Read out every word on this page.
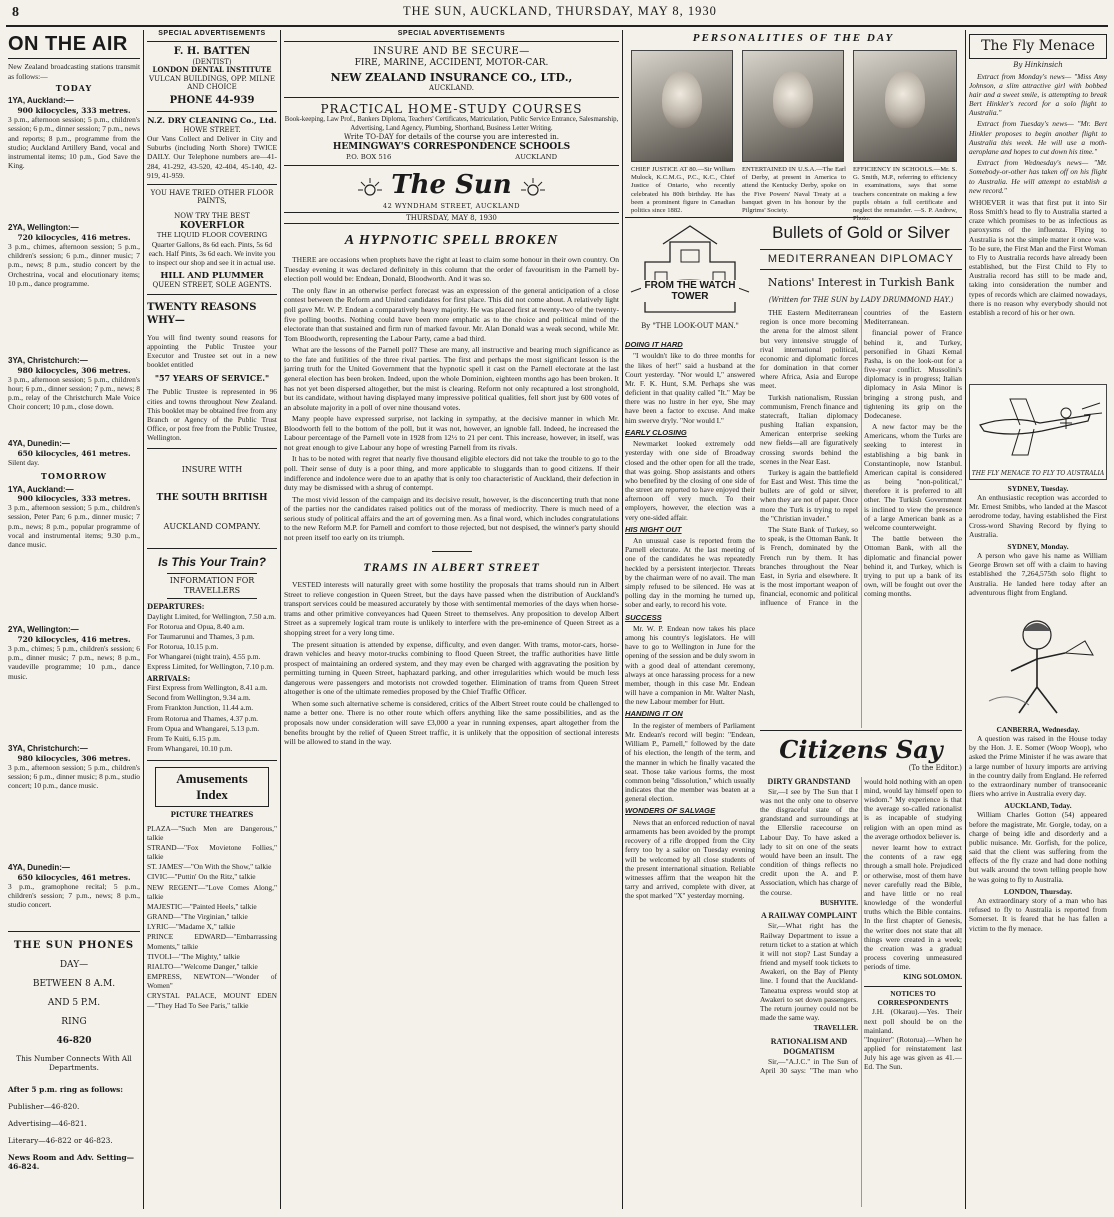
8	THE SUN, AUCKLAND, THURSDAY, MAY 8, 1930
ON THE AIR
New Zealand broadcasting stations transmit as follows:—
TODAY
1YA, Auckland:—
900 kilocycles, 333 metres.
3 p.m., afternoon session; 5 p.m., children's session; 6 p.m., dinner session; 7 p.m., news and reports; 8 p.m., programme from the studio; Auckland Artillery Band, vocal and instrumental items; 10 p.m., God Save the King.
2YA, Wellington:—
720 kilocycles, 416 metres.
3 p.m., chimes, afternoon session; 5 p.m., children's session; 6 p.m., dinner music; 7 p.m., news; 8 p.m., studio concert by the Orchestrina, vocal and elocutionary items; 10 p.m., dance programme.
3YA, Christchurch:—
980 kilocycles, 306 metres.
3 p.m., afternoon session; 5 p.m., children's hour; 6 p.m., dinner session; 7 p.m., news; 8 p.m., relay of the Christchurch Male Voice Choir concert; 10 p.m., close down.
4YA, Dunedin:—
650 kilocycles, 461 metres.
Silent day.
TOMORROW
1YA, Auckland:—
900 kilocycles, 333 metres.
3 p.m., afternoon session; 5 p.m., children's session, Peter Pan; 6 p.m., dinner music; 7 p.m., news; 8 p.m., popular programme of vocal and instrumental items; 9.30 p.m., dance music.
2YA, Wellington:—
720 kilocycles, 416 metres.
3 p.m., chimes; 5 p.m., children's session; 6 p.m., dinner music; 7 p.m., news; 8 p.m., vaudeville programme; 10 p.m., dance music.
3YA, Christchurch:—
980 kilocycles, 306 metres.
3 p.m., afternoon session; 5 p.m., children's session; 6 p.m., dinner music; 8 p.m., studio concert; 10 p.m., dance music.
4YA, Dunedin:—
650 kilocycles, 461 metres.
3 p.m., gramophone recital; 5 p.m., children's session; 7 p.m., news; 8 p.m., studio concert.
THE SUN PHONES
DAY—
BETWEEN 8 A.M.
AND 5 P.M.
RING
46-820
This Number Connects With All Departments.
After 5 p.m. ring as follows:
Publisher—46-820.
Advertising—46-821.
Literary—46-822 or 46-823.
News Room and Adv. Setting—46-824.
SPECIAL ADVERTISEMENTS
F. H. BATTEN
(DENTIST)
LONDON DENTAL INSTITUTE
VULCAN BUILDINGS, OPP. MILNE AND CHOICE
PHONE 44-939
N.Z. DRY CLEANING Co., Ltd.
HOWE STREET.
Our Vans Collect and Deliver in City and Suburbs (including North Shore) TWICE DAILY. Our Telephone numbers are—41-284, 41-292, 43-520, 42-404, 45-140, 42-919, 41-959.
YOU HAVE TRIED OTHER FLOOR PAINTS,
NOW TRY THE BEST
KOVERFLOR
THE LIQUID FLOOR COVERING
Quarter Gallons, 8s 6d each. Pints, 5s 6d each. Half Pints, 3s 6d each. We invite you to inspect our shop and see it in actual use.
HILL AND PLUMMER
QUEEN STREET, SOLE AGENTS.
TWENTY REASONS WHY—
You will find twenty sound reasons for appointing the Public Trustee your Executor and Trustee set out in a new booklet entitled
"57 YEARS OF SERVICE."
The Public Trustee is represented in 96 cities and towns throughout New Zealand. This booklet may be obtained free from any Branch or Agency of the Public Trust Office, or post free from the Public Trustee, Wellington.
INSURE WITH
THE SOUTH BRITISH
AUCKLAND COMPANY.
Is This Your Train?
INFORMATION FOR TRAVELLERS
DEPARTURES:
Daylight Limited, for Wellington, 7.50 a.m.
For Rotorua and Opua, 8.40 a.m.
For Taumarunui and Thames, 3 p.m.
For Rotorua, 10.15 p.m.
For Whangarei (night train), 4.55 p.m.
Express Limited, for Wellington, 7.10 p.m.
ARRIVALS:
First Express from Wellington, 8.41 a.m.
Second from Wellington, 9.34 a.m.
From Frankton Junction, 11.44 a.m.
From Rotorua and Thames, 4.37 p.m.
From Opua and Whangarei, 5.13 p.m.
From Te Kuiti, 6.15 p.m.
From Whangarei, 10.10 p.m.
Amusements Index
PICTURE THEATRES
PLAZA—"Such Men are Dangerous," talkie
STRAND—"Fox Movietone Follies," talkie
ST. JAMES'—"On With the Show," talkie
CIVIC—"Puttin' On the Ritz," talkie
NEW REGENT—"Love Comes Along," talkie
MAJESTIC—"Painted Heels," talkie
GRAND—"The Virginian," talkie
LYRIC—"Madame X," talkie
PRINCE EDWARD—"Embarrassing Moments," talkie
TIVOLI—"The Mighty," talkie
RIALTO—"Welcome Danger," talkie
EMPRESS, NEWTON—"Wonder of Women"
CRYSTAL PALACE, MOUNT EDEN—"They Had To See Paris," talkie
SPECIAL ADVERTISEMENTS
INSURE AND BE SECURE—
FIRE, MARINE, ACCIDENT, MOTOR-CAR.
NEW ZEALAND INSURANCE CO., LTD.,
AUCKLAND.
PRACTICAL HOME-STUDY COURSES
Book-keeping, Law Prof., Bankers Diploma, Teachers' Certificates, Matriculation, Public Service Entrance, Salesmanship, Advertising, Land Agency, Plumbing, Shorthand, Business Letter Writing.
Write TO-DAY for details of the course you are interested in.
HEMINGWAY'S CORRESPONDENCE SCHOOLS
P.O. BOX 516	AUCKLAND
The Sun
42 WYNDHAM STREET, AUCKLAND
THURSDAY, MAY 8, 1930
A HYPNOTIC SPELL BROKEN

THERE are occasions when prophets have the right at least to claim some honour in their own country. On Tuesday evening it was declared definitely in this column that the order of favouritism in the Parnell by-election poll would be: Endean, Donald, Bloodworth. And it was so.

The only flaw in an otherwise perfect forecast was an expression of the general anticipation of a close contest between the Reform and United candidates for first place. This did not come about. A relatively light poll gave Mr. W. P. Endean a comparatively heavy majority. He was placed first at twenty-two of the twenty-five polling booths. Nothing could have been more emphatic as to the choice and political mind of the electorate than that sustained and firm run of marked favour. Mr. Alan Donald was a weak second, while Mr. Tom Bloodworth, representing the Labour Party, came a bad third.

What are the lessons of the Parnell poll? These are many, all instructive and bearing much significance as to the fate and futilities of the three rival parties. The first and perhaps the most significant lesson is the jarring truth for the United Government that the hypnotic spell it cast on the Parnell electorate at the last general election has been broken. Indeed, upon the whole Dominion, eighteen months ago has been broken. It has not yet been dispersed altogether, but the mist is clearing. Reform not only recaptured a lost stronghold, but its candidate, without having displayed many impressive political qualities, fell short just by 600 votes of an absolute majority in a poll of over nine thousand votes.

Many people have expressed surprise, not lacking in sympathy, at the decisive manner in which Mr. Bloodworth fell to the bottom of the poll, but it was not, however, an ignoble fall. Indeed, he increased the Labour percentage of the Parnell vote in 1928 from 12½ to 21 per cent. This increase, however, in itself, was not great enough to give Labour any hope of wresting Parnell from its rivals.

It has to be noted with regret that nearly five thousand eligible electors did not take the trouble to go to the poll. Their sense of duty is a poor thing, and more applicable to sluggards than to good citizens. If their indifference and indolence were due to an apathy that is only too characteristic of Auckland, their defection in duty may be dismissed with a shrug of contempt.

The most vivid lesson of the campaign and its decisive result, however, is the disconcerting truth that none of the parties nor the candidates raised politics out of the morass of mediocrity. There is much need of a serious study of political affairs and the art of governing men. As a final word, which includes congratulations to the new Reform M.P. for Parnell and comfort to those rejected, but not despised, the winner's party should not preen itself too early on its triumph.

TRAMS IN ALBERT STREET

VESTED interests will naturally greet with some hostility the proposals that trams should run in Albert Street to relieve congestion in Queen Street, but the days have passed when the distribution of Auckland's transport services could be measured accurately by those with sentimental memories of the days when horse-trams and other primitive conveyances had Queen Street to themselves. Any proposition to develop Albert Street as a supremely logical tram route is unlikely to interfere with the pre-eminence of Queen Street as a shopping street for a very long time.

The present situation is attended by expense, difficulty, and even danger. With trams, motor-cars, horse-drawn vehicles and heavy motor-trucks combining to flood Queen Street, the traffic authorities have little prospect of maintaining an ordered system, and they may even be charged with aggravating the position by permitting turning in Queen Street, haphazard parking, and other irregularities which would be much less dangerous were passengers and motorists not crowded together. Elimination of trams from Queen Street altogether is one of the ultimate remedies proposed by the Chief Traffic Officer.

When some such alternative scheme is considered, critics of the Albert Street route could be challenged to name a better one. There is no other route which offers anything like the same possibilities, and as the proposals now under consideration will save £3,000 a year in running expenses, apart altogether from the benefits brought by the relief of Queen Street traffic, it is unlikely that the opposition of sectional interests will be allowed to stand in the way.

PERSONALITIES OF THE DAY
CHIEF JUSTICE AT 80.—Sir William Mulock, K.C.M.G., P.C., K.C., Chief Justice of Ontario, who recently celebrated his 80th birthday. He has been a prominent figure in Canadian politics since 1882.
ENTERTAINED IN U.S.A.—The Earl of Derby, at present in America to attend the Kentucky Derby, spoke on the Five Powers' Naval Treaty at a banquet given in his honour by the Pilgrims' Society.
EFFICIENCY IN SCHOOLS.—Mr. S. G. Smith, M.P., referring to efficiency in examinations, says that some teachers concentrate on making a few pupils obtain a full certificate and neglect the remainder. —S. P. Andrew, Photo.
FROM THE WATCH TOWER
By "THE LOOK-OUT MAN."
DOING IT HARD

"I wouldn't like to do three months for the likes of her!" said a husband at the Court yesterday. "Nor would I," answered Mr. F. K. Hunt, S.M. Perhaps she was deficient in that quality called "It." May be there was no lustre in her eye, She may have been a factor to excuse. And make him swerve dryly. "Nor would I."

EARLY CLOSING

Newmarket looked extremely odd yesterday with one side of Broadway closed and the other open for all the trade, that was going. Shop assistants and others who benefited by the closing of one side of the street are reported to have enjoyed their afternoon off very much. To their employers, however, the election was a very one-sided affair.

HIS NIGHT OUT

An unusual case is reported from the Parnell electorate. At the last meeting of one of the candidates he was repeatedly heckled by a persistent interjector. Threats by the chairman were of no avail. The man simply refused to be silenced. He was at polling day in the morning he turned up, sober and early, to record his vote.

SUCCESS

Mr. W. P. Endean now takes his place among his country's legislators. He will have to go to Wellington in June for the opening of the session and be duly sworn in with a good deal of attendant ceremony, always at once harassing process for a new member, though in this case Mr. Endean will have a companion in Mr. Walter Nash, the new Labour member for Hutt.

HANDING IT ON

In the register of members of Parliament Mr. Endean's record will begin: "Endean, William P., Parnell," followed by the date of his election, the length of the term, and the manner in which he finally vacated the seat. Those take various forms, the most common being "dissolution," which usually indicates that the member was beaten at a general election.

WONDERS OF SALVAGE

News that an enforced reduction of naval armaments has been avoided by the prompt recovery of a rifle dropped from the City ferry too by a sailor on Tuesday evening will be welcomed by all close students of the present international situation. Reliable witnesses affirm that the weapon hit the tarry and arrived, complete with diver, at the spot marked "X" yesterday morning.

Bullets of Gold or Silver
MEDITERRANEAN DIPLOMACY
Nations' Interest in Turkish Bank
(Written for THE SUN by LADY DRUMMOND HAY.)

THE Eastern Mediterranean region is once more becoming the arena for the almost silent but very intensive struggle of rival international political, economic and diplomatic forces for domination in that corner where Africa, Asia and Europe meet.

Turkish nationalism, Russian communism, French finance and statecraft, Italian diplomacy pushing Italian expansion, American enterprise seeking new fields—all are figuratively crossing swords behind the scenes in the Near East.

Turkey is again the battlefield for East and West. This time the bullets are of gold or silver, when they are not of paper. Once more the Turk is trying to repel the "Christian invader."

The State Bank of Turkey, so to speak, is the Ottoman Bank. It is French, dominated by the French run by them. It has branches throughout the Near East, in Syria and elsewhere. It is the most important weapon of financial, economic and political influence of France in the countries of the Eastern Mediterranean.

financial power of France behind it, and Turkey, personified in Ghazi Kemal Pasha, is on the look-out for a five-year conflict. Mussolini's diplomacy is in progress; Italian diplomacy in Asia Minor is bringing a strong push, and tightening its grip on the Dodecanese.

A new factor may be the Americans, whom the Turks are seeking to interest in establishing a big bank in Constantinople, now Istanbul. American capital is considered as being "non-political," therefore it is preferred to all other. The Turkish Government is inclined to view the presence of a large American bank as a welcome counterweight.

The battle between the Ottoman Bank, with all the diplomatic and financial power behind it, and Turkey, which is trying to put up a bank of its own, will be fought out over the coming months.

Citizens Say
(To the Editor.)
DIRTY GRANDSTAND

Sir,—I see by The Sun that I was not the only one to observe the disgraceful state of the grandstand and surroundings at the Ellerslie racecourse on Labour Day. To have asked a lady to sit on one of the seats would have been an insult. The condition of things reflects no credit upon the A. and P. Association, which has charge of the course.

BUSHYITE.
A RAILWAY COMPLAINT

Sir,—What right has the Railway Department to issue a return ticket to a station at which it will not stop? Last Sunday a friend and myself took tickets to Awakeri, on the Bay of Plenty line. I found that the Auckland-Taneatua express would stop at Awakeri to set down passengers. The return journey could not be made the same way.

TRAVELLER.
RATIONALISM AND DOGMATISM

Sir,—"A.J.C." in The Sun of April 30 says: "The man who would hold nothing with an open mind, would lay himself open to wisdom." My experience is that the average so-called rationalist is as incapable of studying religion with an open mind as the average orthodox believer is.

never learnt how to extract the contents of a raw egg through a small hole. Prejudiced or otherwise, most of them have never carefully read the Bible, and have little or no real knowledge of the wonderful truths which the Bible contains. In the first chapter of Genesis, the writer does not state that all things were created in a week; the creation was a gradual process covering unmeasured periods of time.

KING SOLOMON.
NOTICES TO CORRESPONDENTS

J.H. (Okarau).—Yes. Their next poll should be on the mainland.
"Inquirer" (Rotorua).—When he applied for reinstatement last July his age was given as 41.—Ed. The Sun.

The Fly Menace
By Hinkinsich

Extract from Monday's news— "Miss Amy Johnson, a slim attractive girl with bobbed hair and a sweet smile, is attempting to break Bert Hinkler's record for a solo flight to Australia."

Extract from Tuesday's news— "Mr. Bert Hinkler proposes to begin another flight to Australia this week. He will use a moth-aeroplane and hopes to cut down his time."

Extract from Wednesday's news— "Mr. Somebody-or-other has taken off on his flight to Australia. He will attempt to establish a new record."

WHOEVER it was that first put it into Sir Ross Smith's head to fly to Australia started a craze which promises to be as infectious as paroxysms of the influenza. Flying to Australia is not the simple matter it once was. To be sure, the First Man and the First Woman to Fly to Australia records have already been established, but the First Child to Fly to Australia record has still to be made and, taking into consideration the number and types of records which are claimed nowadays, there is no reason why everybody should not establish a record of his or her own.
THE FLY MENACE TO FLY TO AUSTRALIA
SYDNEY, Tuesday.

An enthusiastic reception was accorded to Mr. Ernest Smibbs, who landed at the Mascot aerodrome today, having established the First Cross-word Shaving Record by flying to Australia.

SYDNEY, Monday.

A person who gave his name as William George Brown set off with a claim to having established the 7,264,575th solo flight to Australia. He landed here today after an adventurous flight from England.

CANBERRA, Wednesday.

A question was raised in the House today by the Hon. J. E. Somer (Woop Woop), who asked the Prime Minister if he was aware that a large number of luxury imports are arriving in the country daily from England. He referred to the extraordinary number of transoceanic fliers who arrive in Australia every day.

AUCKLAND, Today.

William Charles Gotton (54) appeared before the magistrate, Mr. Gorgle, today, on a charge of being idle and disorderly and a public nuisance. Mr. Gorfish, for the police, said that the client was suffering from the effects of the fly craze and had done nothing but walk around the town telling people how he was going to fly to Australia.

LONDON, Thursday.

An extraordinary story of a man who has refused to fly to Australia is reported from Somerset. It is feared that he has fallen a victim to the fly menace.
